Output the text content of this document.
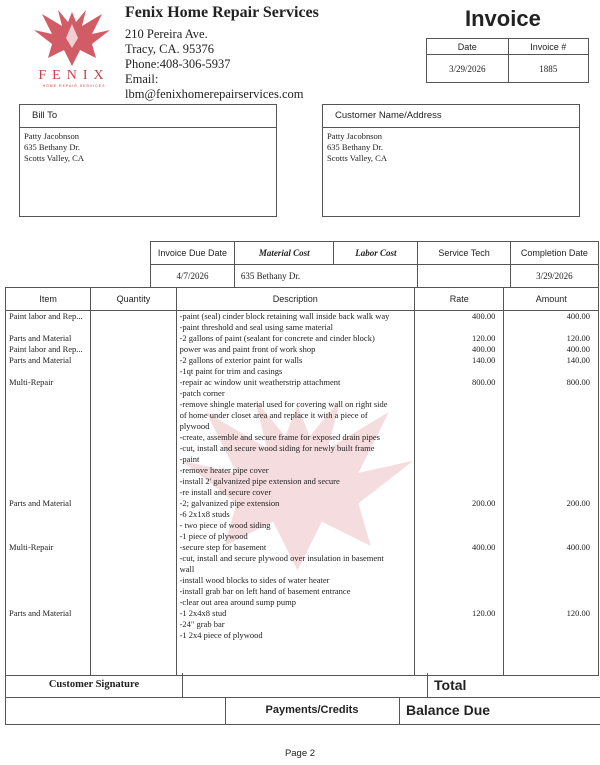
FENIX
HOME REPAIR SERVICES
Fenix Home Repair Services
210 Pereira Ave.
Tracy, CA. 95376
Phone:408-306-5937
Email:
lbm@fenixhomerepairservices.com
Invoice
Date	Invoice #
3/29/2026	1885
Bill To
Patty Jacobnson
635 Bethany Dr.
Scotts Valley, CA
Customer Name/Address
Patty Jacobnson
635 Bethany Dr.
Scotts Valley, CA
Invoice Due Date	Material Cost	Labor Cost	Service Tech	Completion Date
4/7/2026	635 Bethany Dr.			3/29/2026
Item	Quantity	Description	Rate	Amount
Paint labor and Rep...		-paint (seal) cinder block retaining wall inside back walk way	400.00	400.00
		-paint threshold and seal using same material		
Parts and Material		-2 gallons of paint (sealant for concrete and cinder block)	120.00	120.00
Paint labor and Rep...		power was and paint front of work shop	400.00	400.00
Parts and Material		-2 gallons of exterior paint for walls	140.00	140.00
		-1qt paint for trim and casings		
Multi-Repair		-repair ac window unit weatherstrip attachment	800.00	800.00
		-patch corner		
		-remove shingle material used for covering wall on right side		
		of home under closet area and replace it with a piece of		
		plywood		
		-create, assemble and secure frame for exposed drain pipes		
		-cut, install and secure wood siding for newly built frame		
		-paint		
		-remove heater pipe cover		
		-install 2' galvanized pipe extension and secure		
		-re install and secure cover		
Parts and Material		-2; galvanized pipe extension	200.00	200.00
		-6 2x1x8 studs		
		- two piece of wood siding		
		-1 piece of plywood		
Multi-Repair		-secure step for basement	400.00	400.00
		-cut, install and secure plywood over insulation in basement		
		wall		
		-install wood blocks to sides of water heater		
		-install grab bar on left hand of basement entrance		
		-clear out area around sump pump		
Parts and Material		-1 2x4x8 stud	120.00	120.00
		-24" grab bar		
		-1 2x4 piece of plywood		

Customer Signature	Total
Payments/Credits	Balance Due
Page 2
